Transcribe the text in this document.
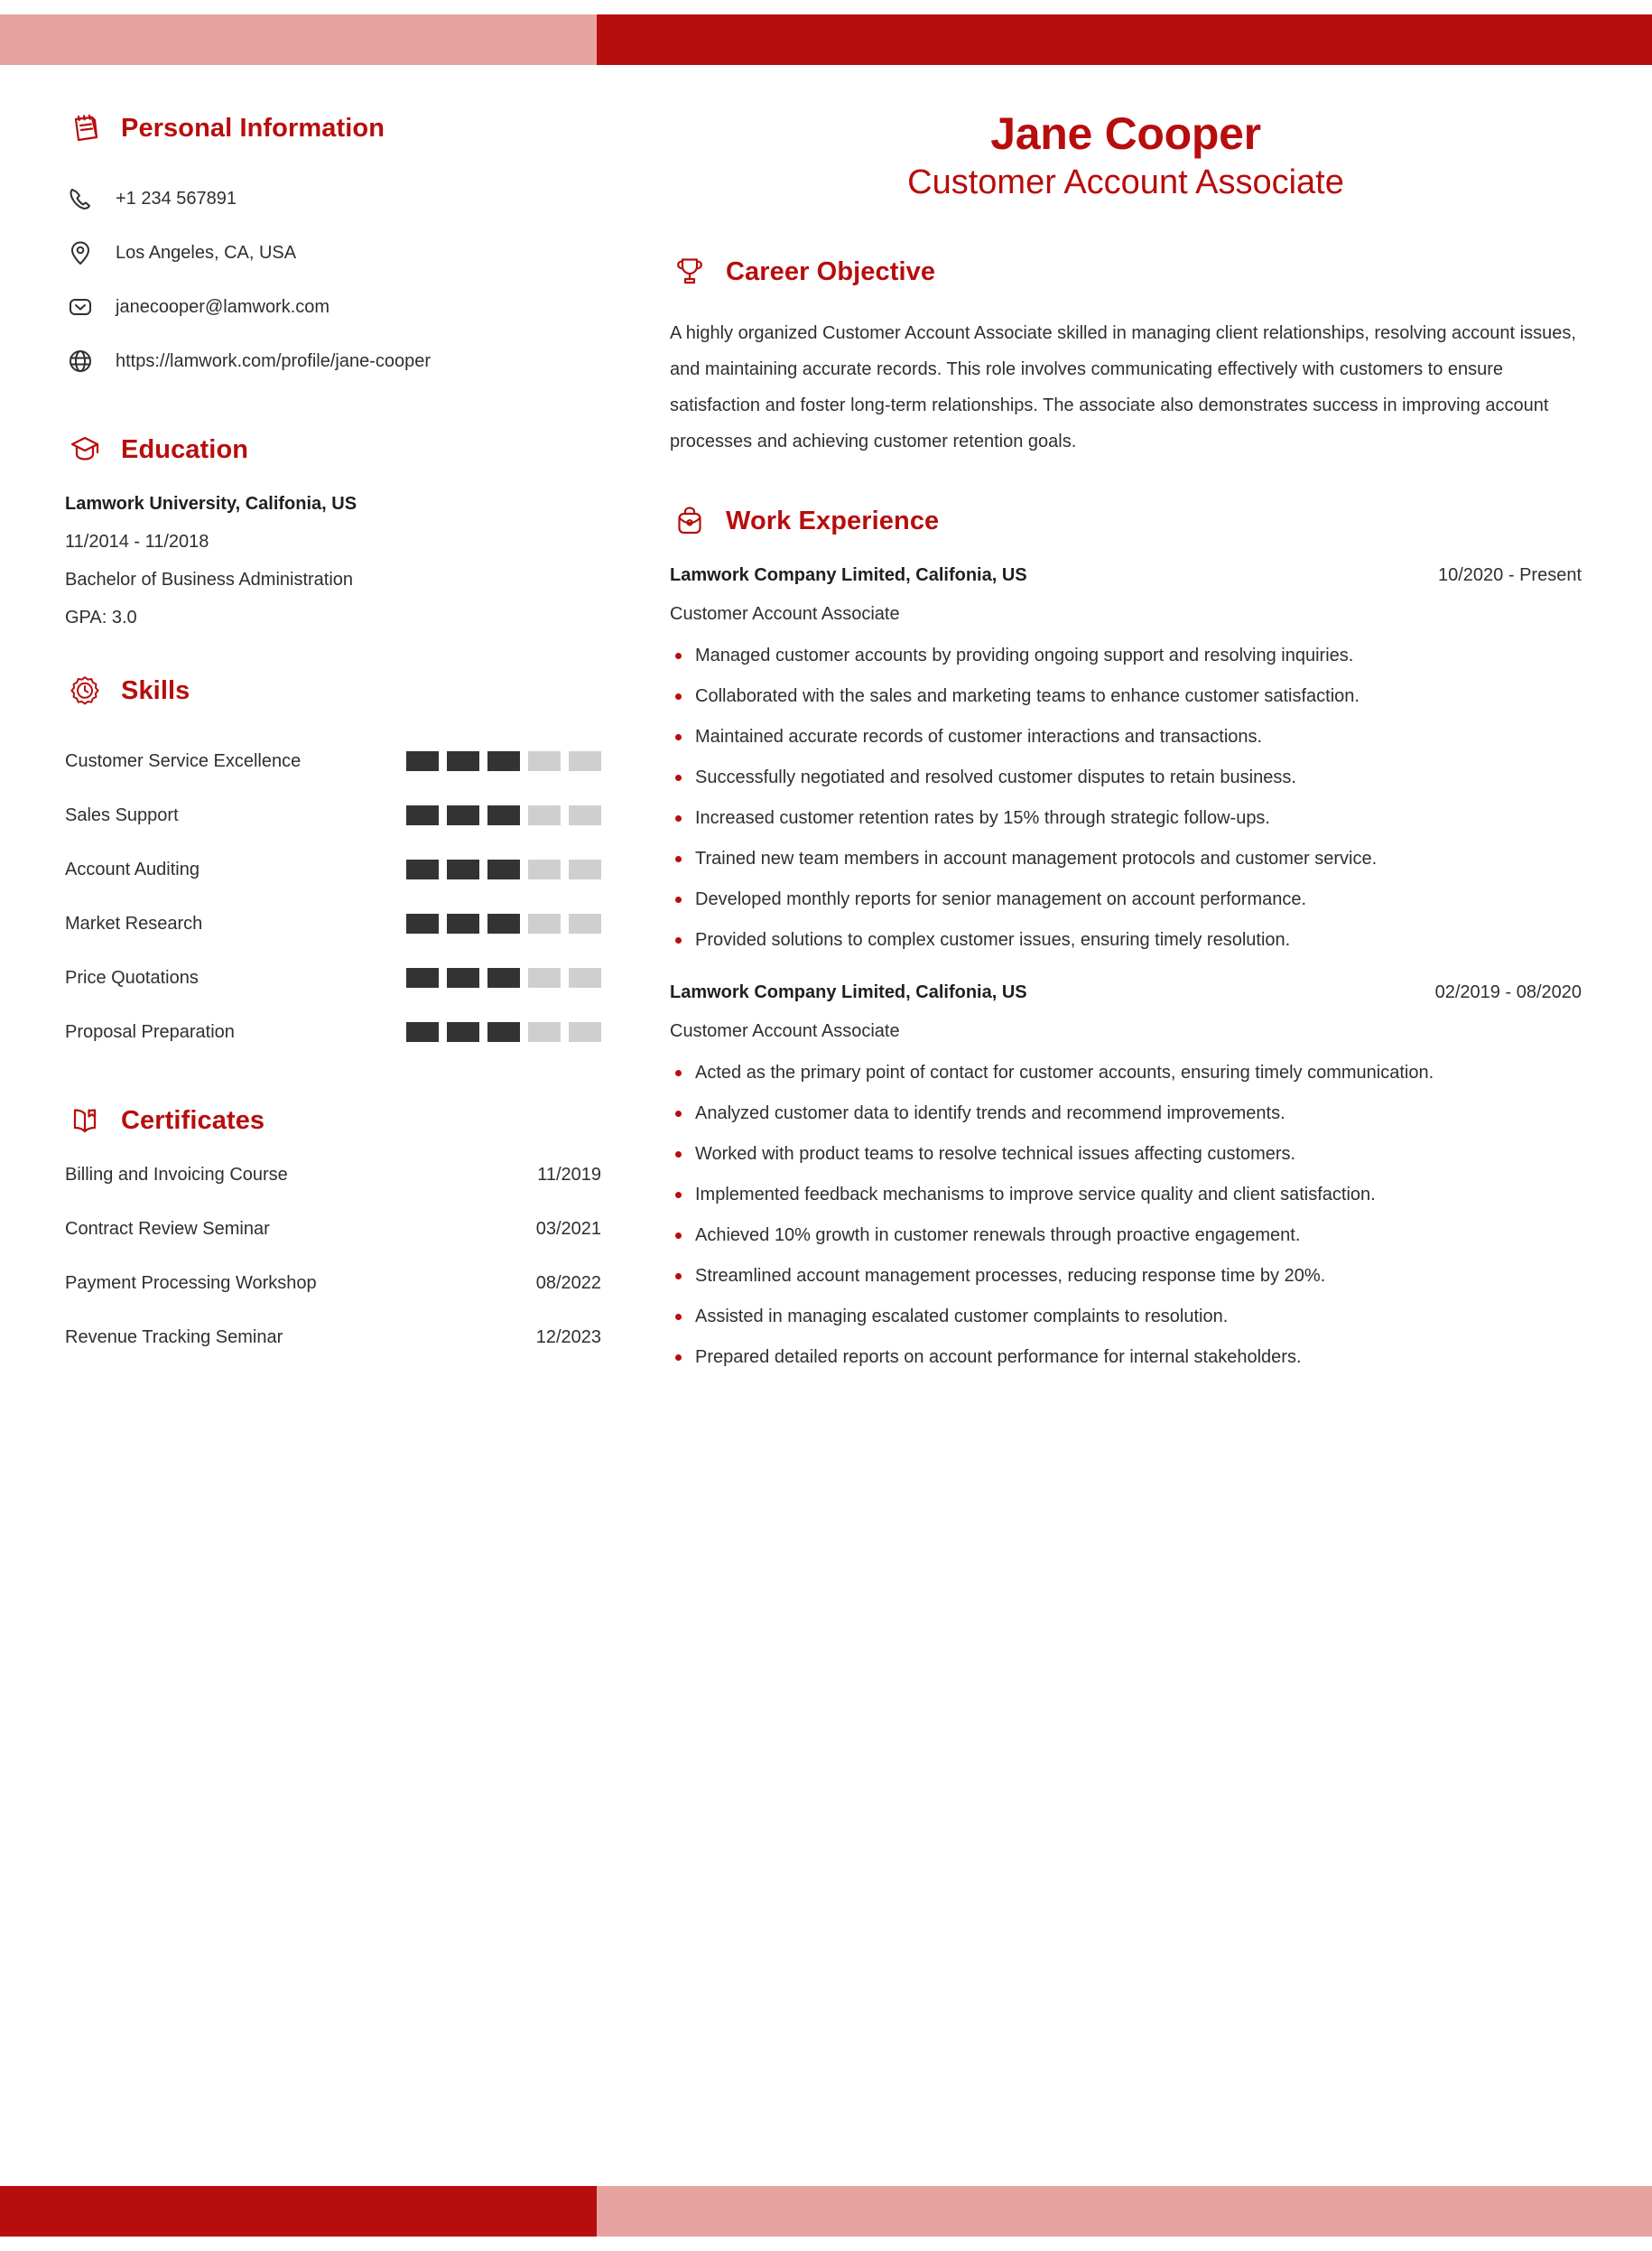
Personal Information
+1 234 567891
Los Angeles, CA, USA
janecooper@lamwork.com
https://lamwork.com/profile/jane-cooper
Education
Lamwork University, Califonia, US
11/2014 - 11/2018
Bachelor of Business Administration
GPA: 3.0
Skills
Customer Service Excellence
Sales Support
Account Auditing
Market Research
Price Quotations
Proposal Preparation
Certificates
Billing and Invoicing Course	11/2019
Contract Review Seminar	03/2021
Payment Processing Workshop	08/2022
Revenue Tracking Seminar	12/2023
Jane Cooper
Customer Account Associate
Career Objective

A highly organized Customer Account Associate skilled in managing client relationships, resolving account issues, and maintaining accurate records. This role involves communicating effectively with customers to ensure satisfaction and foster long-term relationships. The associate also demonstrates success in improving account processes and achieving customer retention goals.

Work Experience
Lamwork Company Limited, Califonia, US	10/2020 - Present
Customer Account Associate
Managed customer accounts by providing ongoing support and resolving inquiries.
Collaborated with the sales and marketing teams to enhance customer satisfaction.
Maintained accurate records of customer interactions and transactions.
Successfully negotiated and resolved customer disputes to retain business.
Increased customer retention rates by 15% through strategic follow-ups.
Trained new team members in account management protocols and customer service.
Developed monthly reports for senior management on account performance.
Provided solutions to complex customer issues, ensuring timely resolution.
Lamwork Company Limited, Califonia, US	02/2019 - 08/2020
Customer Account Associate
Acted as the primary point of contact for customer accounts, ensuring timely communication.
Analyzed customer data to identify trends and recommend improvements.
Worked with product teams to resolve technical issues affecting customers.
Implemented feedback mechanisms to improve service quality and client satisfaction.
Achieved 10% growth in customer renewals through proactive engagement.
Streamlined account management processes, reducing response time by 20%.
Assisted in managing escalated customer complaints to resolution.
Prepared detailed reports on account performance for internal stakeholders.
